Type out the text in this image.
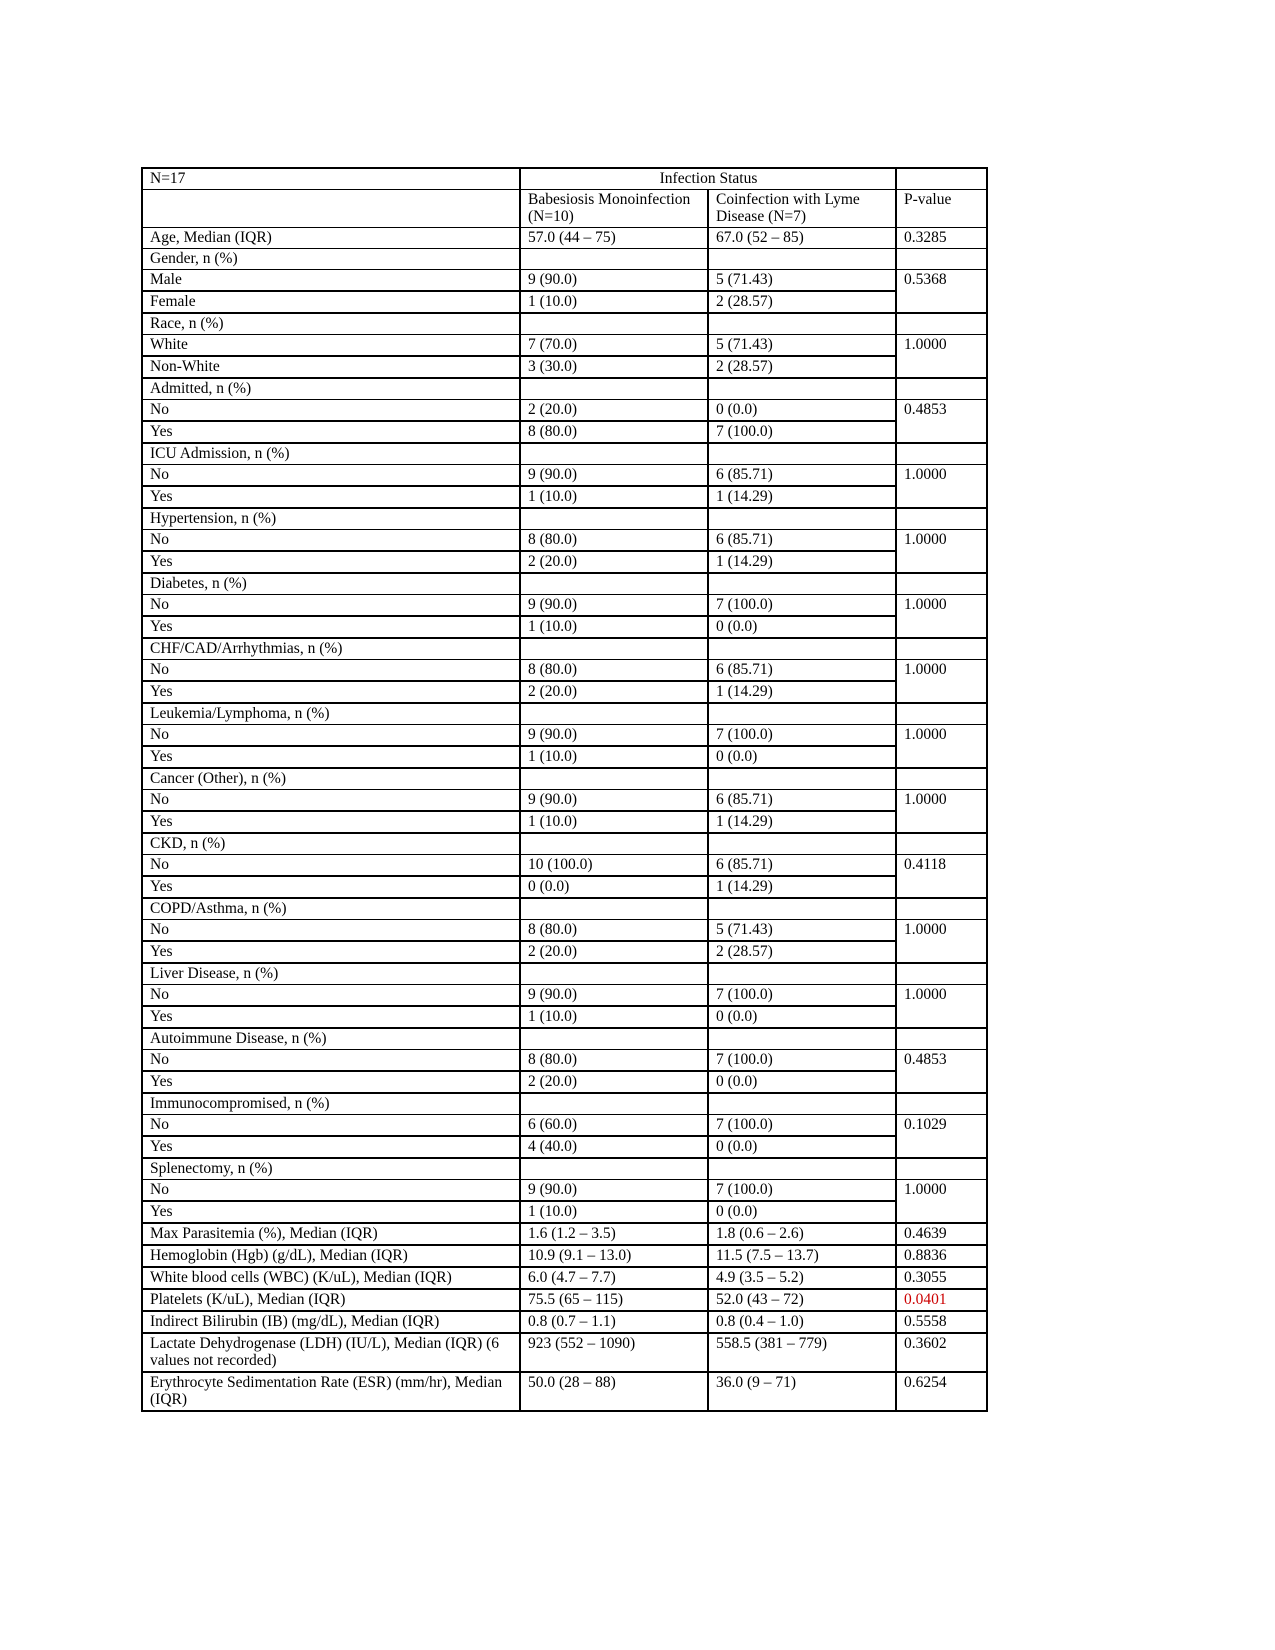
N=17	Infection Status		
	Babesiosis Monoinfection (N=10)	Coinfection with Lyme Disease (N=7)	P-value
Age, Median (IQR)	57.0 (44 – 75)	67.0 (52 – 85)	0.3285
Gender, n (%)			
Male	9 (90.0)	5 (71.43)	0.5368
Female	1 (10.0)	2 (28.57)	
Race, n (%)			
White	7 (70.0)	5 (71.43)	1.0000
Non-White	3 (30.0)	2 (28.57)	
Admitted, n (%)			
No	2 (20.0)	0 (0.0)	0.4853
Yes	8 (80.0)	7 (100.0)	
ICU Admission, n (%)			
No	9 (90.0)	6 (85.71)	1.0000
Yes	1 (10.0)	1 (14.29)	
Hypertension, n (%)			
No	8 (80.0)	6 (85.71)	1.0000
Yes	2 (20.0)	1 (14.29)	
Diabetes, n (%)			
No	9 (90.0)	7 (100.0)	1.0000
Yes	1 (10.0)	0 (0.0)	
CHF/CAD/Arrhythmias, n (%)			
No	8 (80.0)	6 (85.71)	1.0000
Yes	2 (20.0)	1 (14.29)	
Leukemia/Lymphoma, n (%)			
No	9 (90.0)	7 (100.0)	1.0000
Yes	1 (10.0)	0 (0.0)	
Cancer (Other), n (%)			
No	9 (90.0)	6 (85.71)	1.0000
Yes	1 (10.0)	1 (14.29)	
CKD, n (%)			
No	10 (100.0)	6 (85.71)	0.4118
Yes	0 (0.0)	1 (14.29)	
COPD/Asthma, n (%)			
No	8 (80.0)	5 (71.43)	1.0000
Yes	2 (20.0)	2 (28.57)	
Liver Disease, n (%)			
No	9 (90.0)	7 (100.0)	1.0000
Yes	1 (10.0)	0 (0.0)	
Autoimmune Disease, n (%)			
No	8 (80.0)	7 (100.0)	0.4853
Yes	2 (20.0)	0 (0.0)	
Immunocompromised, n (%)			
No	6 (60.0)	7 (100.0)	0.1029
Yes	4 (40.0)	0 (0.0)	
Splenectomy, n (%)			
No	9 (90.0)	7 (100.0)	1.0000
Yes	1 (10.0)	0 (0.0)	
Max Parasitemia (%), Median (IQR)	1.6 (1.2 – 3.5)	1.8 (0.6 – 2.6)	0.4639
Hemoglobin (Hgb) (g/dL), Median (IQR)	10.9 (9.1 – 13.0)	11.5 (7.5 – 13.7)	0.8836
White blood cells (WBC) (K/uL), Median (IQR)	6.0 (4.7 – 7.7)	4.9 (3.5 – 5.2)	0.3055
Platelets (K/uL), Median (IQR)	75.5 (65 – 115)	52.0 (43 – 72)	0.0401
Indirect Bilirubin (IB) (mg/dL), Median (IQR)	0.8 (0.7 – 1.1)	0.8 (0.4 – 1.0)	0.5558
Lactate Dehydrogenase (LDH) (IU/L), Median (IQR) (6 values not recorded)	923 (552 – 1090)	558.5 (381 – 779)	0.3602
Erythrocyte Sedimentation Rate (ESR) (mm/hr), Median (IQR)	50.0 (28 – 88)	36.0 (9 – 71)	0.6254
